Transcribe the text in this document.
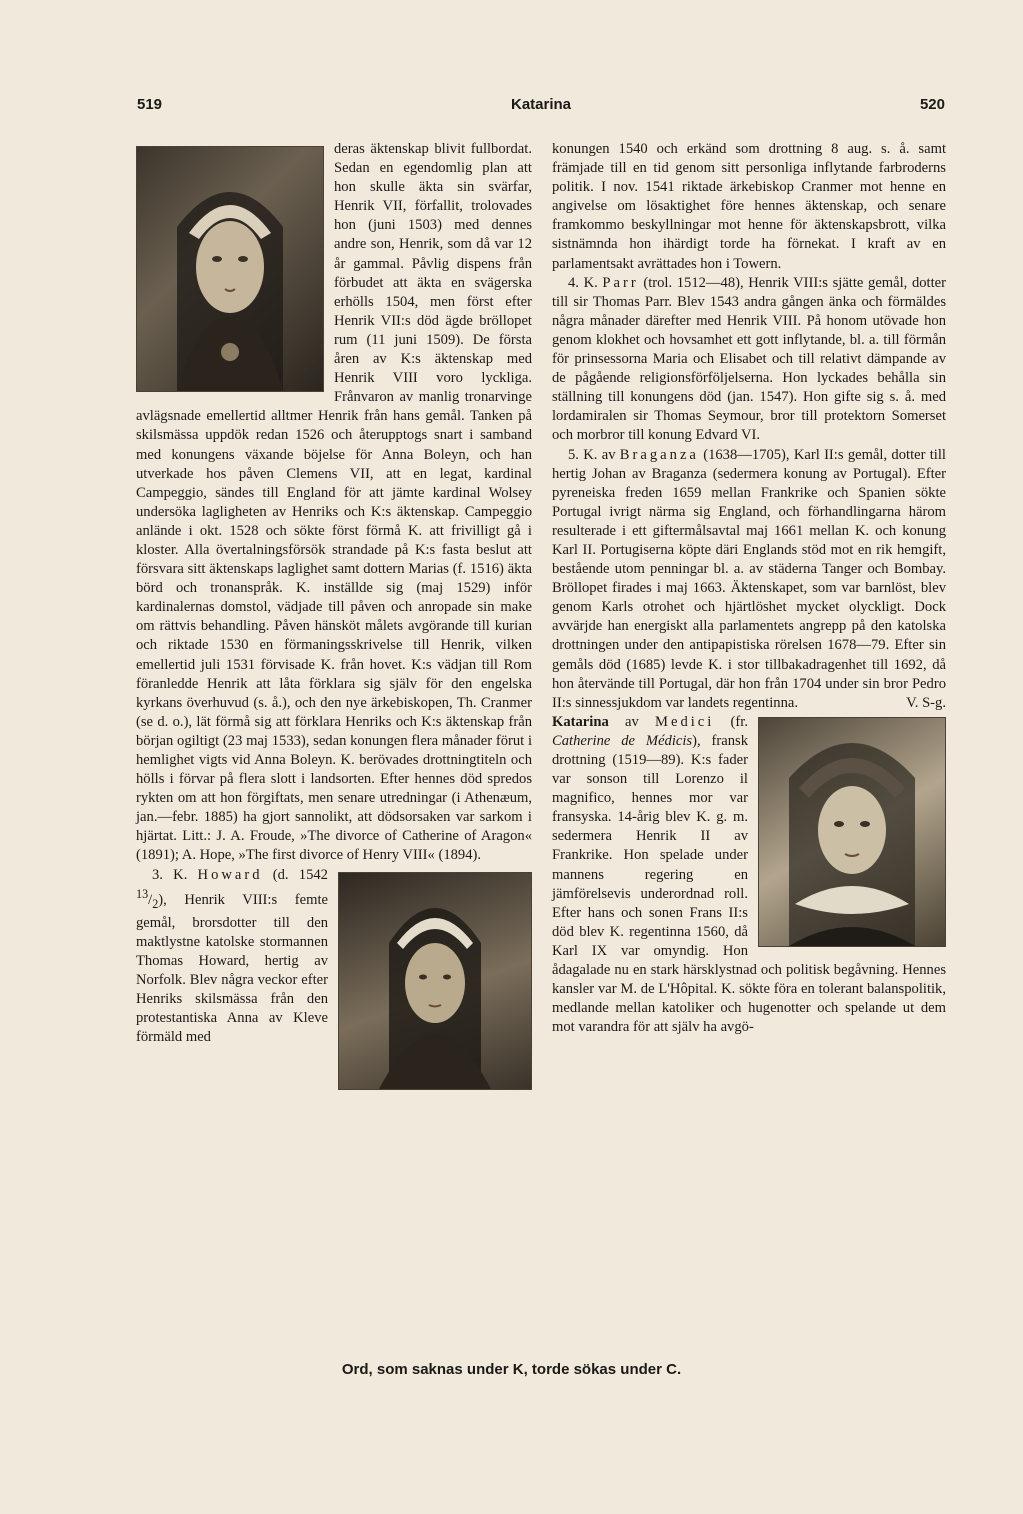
519	Katarina	520

deras äktenskap blivit fullbordat. Sedan en egendomlig plan att hon skulle äkta sin svärfar, Henrik VII, förfallit, trolovades hon (juni 1503) med dennes andre son, Henrik, som då var 12 år gammal. Påvlig dispens från förbudet att äkta en svägerska erhölls 1504, men först efter Henrik VII:s död ägde bröllopet rum (11 juni 1509). De första åren av K:s äktenskap med Henrik VIII voro lyckliga. Frånvaron av manlig tronarvinge avlägsnade emellertid alltmer Henrik från hans gemål. Tanken på skilsmässa uppdök redan 1526 och återupptogs snart i samband med konungens växande böjelse för Anna Boleyn, och han utverkade hos påven Clemens VII, att en legat, kardinal Campeggio, sändes till England för att jämte kardinal Wolsey undersöka lagligheten av Henriks och K:s äktenskap. Campeggio anlände i okt. 1528 och sökte först förmå K. att frivilligt gå i kloster. Alla övertalningsförsök strandade på K:s fasta beslut att försvara sitt äktenskaps laglighet samt dottern Marias (f. 1516) äkta börd och tronanspråk. K. inställde sig (maj 1529) inför kardinalernas domstol, vädjade till påven och anropade sin make om rättvis behandling. Påven hänsköt målets avgörande till kurian och riktade 1530 en förmaningsskrivelse till Henrik, vilken emellertid juli 1531 förvisade K. från hovet. K:s vädjan till Rom föranledde Henrik att låta förklara sig själv för den engelska kyrkans överhuvud (s. å.), och den nye ärkebiskopen, Th. Cranmer (se d. o.), lät förmå sig att förklara Henriks och K:s äktenskap från början ogiltigt (23 maj 1533), sedan konungen flera månader förut i hemlighet vigts vid Anna Boleyn. K. berövades drottningtiteln och hölls i förvar på flera slott i landsorten. Efter hennes död spredos rykten om att hon förgiftats, men senare utredningar (i Athenæum, jan.—febr. 1885) ha gjort sannolikt, att dödsorsaken var sarkom i hjärtat. Litt.: J. A. Froude, »The divorce of Catherine of Aragon« (1891); A. Hope, »The first divorce of Henry VIII« (1894).

3. K. Howard (d. 1542 $^{13}/_2$), Henrik VIII:s femte gemål, brorsdotter till den maktlystne katolske stormannen Thomas Howard, hertig av Norfolk. Blev några veckor efter Henriks skilsmässa från den protestantiska Anna av Kleve förmäld med

konungen 1540 och erkänd som drottning 8 aug. s. å. samt främjade till en tid genom sitt personliga inflytande farbroderns politik. I nov. 1541 riktade ärkebiskop Cranmer mot henne en angivelse om lösaktighet före hennes äktenskap, och senare framkommo beskyllningar mot henne för äktenskapsbrott, vilka sistnämnda hon ihärdigt torde ha förnekat. I kraft av en parlamentsakt avrättades hon i Towern.

4. K. Parr (trol. 1512—48), Henrik VIII:s sjätte gemål, dotter till sir Thomas Parr. Blev 1543 andra gången änka och förmäldes några månader därefter med Henrik VIII. På honom utövade hon genom klokhet och hovsamhet ett gott inflytande, bl. a. till förmån för prinsessorna Maria och Elisabet och till relativt dämpande av de pågående religionsförföljelserna. Hon lyckades behålla sin ställning till konungens död (jan. 1547). Hon gifte sig s. å. med lordamiralen sir Thomas Seymour, bror till protektorn Somerset och morbror till konung Edvard VI.

5. K. av Braganza (1638—1705), Karl II:s gemål, dotter till hertig Johan av Braganza (sedermera konung av Portugal). Efter pyreneiska freden 1659 mellan Frankrike och Spanien sökte Portugal ivrigt närma sig England, och förhandlingarna härom resulterade i ett giftermålsavtal maj 1661 mellan K. och konung Karl II. Portugiserna köpte däri Englands stöd mot en rik hemgift, bestående utom penningar bl. a. av städerna Tanger och Bombay. Bröllopet firades i maj 1663. Äktenskapet, som var barnlöst, blev genom Karls otrohet och hjärtlöshet mycket olyckligt. Dock avvärjde han energiskt alla parlamentets angrepp på den katolska drottningen under den antipapistiska rörelsen 1678—79. Efter sin gemåls död (1685) levde K. i stor tillbakadragenhet till 1692, då hon återvände till Portugal, där hon från 1704 under sin bror Pedro II:s sinnessjukdom var landets regentinna.	V. S-g.

Katarina av Medici (fr. Catherine de Médicis), fransk drottning (1519—89). K:s fader var sonson till Lorenzo il magnifico, hennes mor var fransyska. 14-årig blev K. g. m. sedermera Henrik II av Frankrike. Hon spelade under mannens regering en jämförelsevis underordnad roll. Efter hans och sonen Frans II:s död blev K. regentinna 1560, då Karl IX var omyndig. Hon ådagalade nu en stark härsklystnad och politisk begåvning. Hennes kansler var M. de L'Hôpital. K. sökte föra en tolerant balanspolitik, medlande mellan katoliker och hugenotter och spelande ut dem mot varandra för att själv ha avgö-

Ord, som saknas under K, torde sökas under C.
